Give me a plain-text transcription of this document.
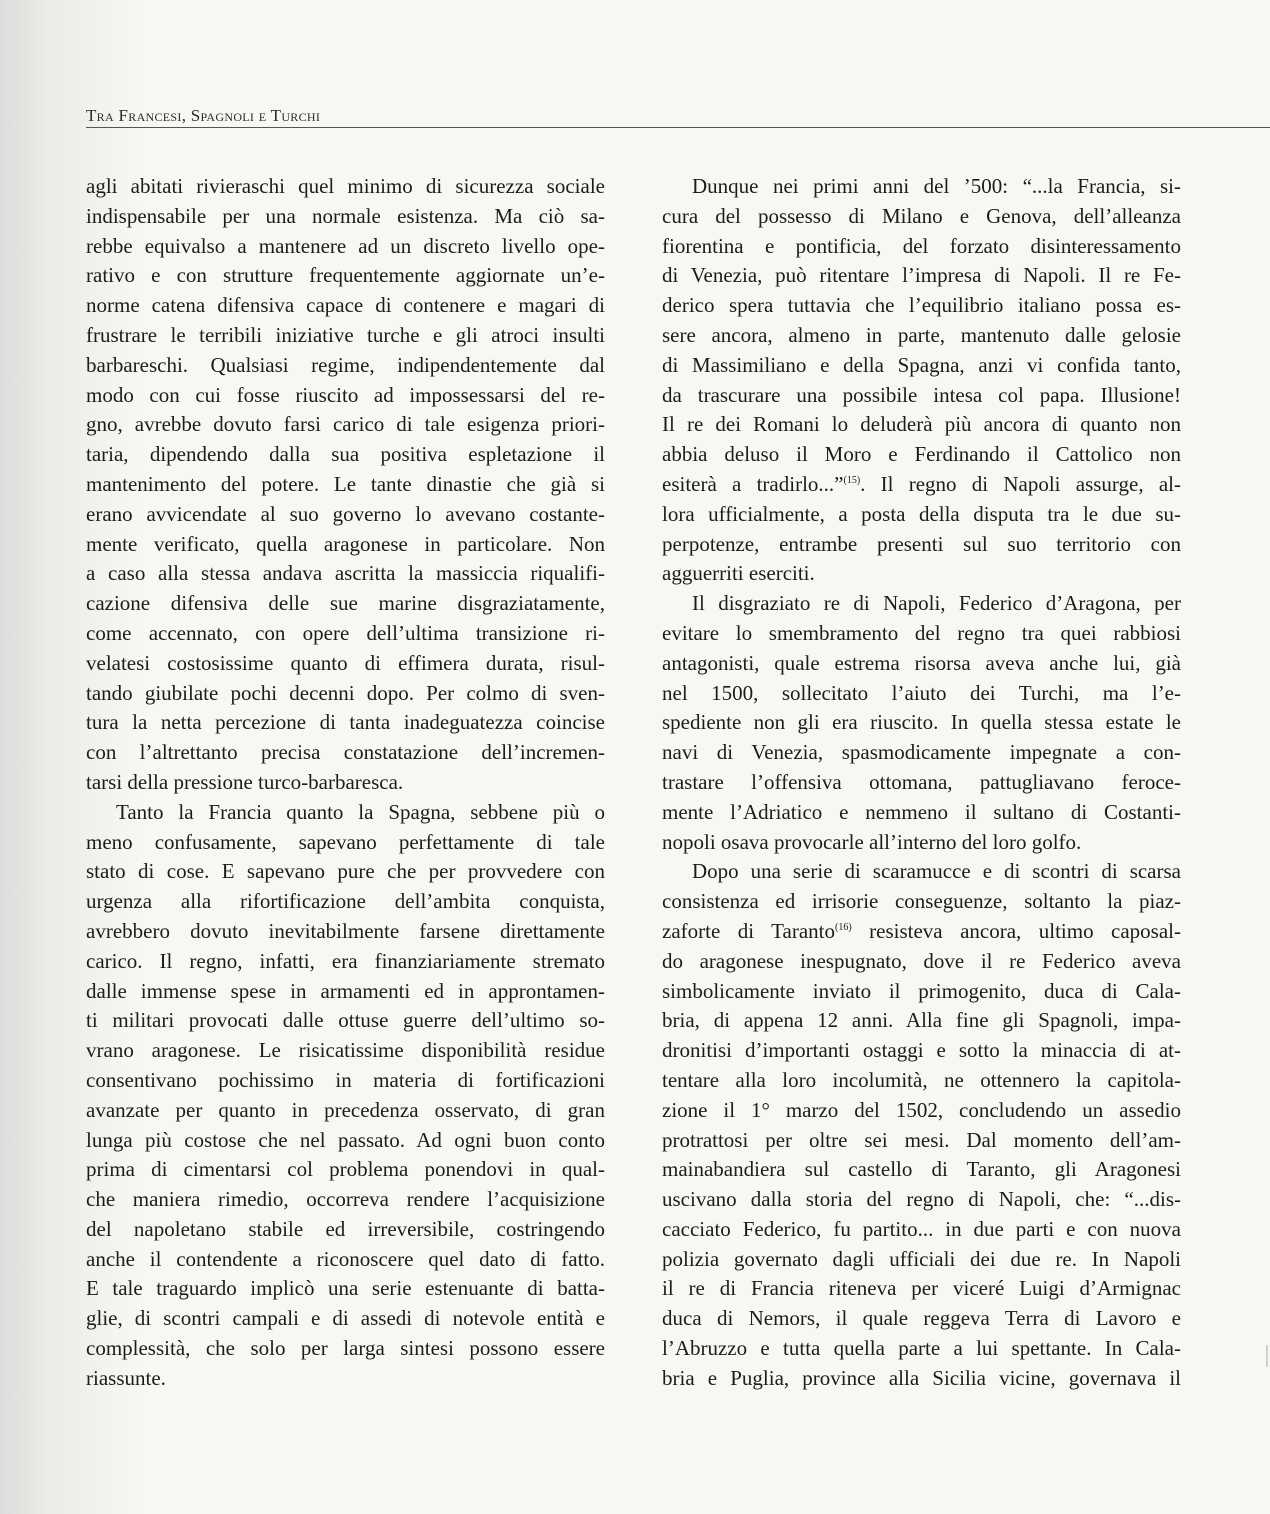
Tra Francesi, Spagnoli e Turchi

agli abitati rivieraschi quel minimo di sicurezza sociale
indispensabile per una normale esistenza. Ma ciò sa-
rebbe equivalso a mantenere ad un discreto livello ope-
rativo e con strutture frequentemente aggiornate un’e-
norme catena difensiva capace di contenere e magari di
frustrare le terribili iniziative turche e gli atroci insulti
barbareschi. Qualsiasi regime, indipendentemente dal
modo con cui fosse riuscito ad impossessarsi del re-
gno, avrebbe dovuto farsi carico di tale esigenza priori-
taria, dipendendo dalla sua positiva espletazione il
mantenimento del potere. Le tante dinastie che già si
erano avvicendate al suo governo lo avevano costante-
mente verificato, quella aragonese in particolare. Non
a caso alla stessa andava ascritta la massiccia riqualifi-
cazione difensiva delle sue marine disgraziatamente,
come accennato, con opere dell’ultima transizione ri-
velatesi costosissime quanto di effimera durata, risul-
tando giubilate pochi decenni dopo. Per colmo di sven-
tura la netta percezione di tanta inadeguatezza coincise
con l’altrettanto precisa constatazione dell’incremen-
tarsi della pressione turco-barbaresca.

Tanto la Francia quanto la Spagna, sebbene più o
meno confusamente, sapevano perfettamente di tale
stato di cose. E sapevano pure che per provvedere con
urgenza alla rifortificazione dell’ambita conquista,
avrebbero dovuto inevitabilmente farsene direttamente
carico. Il regno, infatti, era finanziariamente stremato
dalle immense spese in armamenti ed in approntamen-
ti militari provocati dalle ottuse guerre dell’ultimo so-
vrano aragonese. Le risicatissime disponibilità residue
consentivano pochissimo in materia di fortificazioni
avanzate per quanto in precedenza osservato, di gran
lunga più costose che nel passato. Ad ogni buon conto
prima di cimentarsi col problema ponendovi in qual-
che maniera rimedio, occorreva rendere l’acquisizione
del napoletano stabile ed irreversibile, costringendo
anche il contendente a riconoscere quel dato di fatto.
E tale traguardo implicò una serie estenuante di batta-
glie, di scontri campali e di assedi di notevole entità e
complessità, che solo per larga sintesi possono essere
riassunte.

Dunque nei primi anni del ’500: “...la Francia, si-
cura del possesso di Milano e Genova, dell’alleanza
fiorentina e pontificia, del forzato disinteressamento
di Venezia, può ritentare l’impresa di Napoli. Il re Fe-
derico spera tuttavia che l’equilibrio italiano possa es-
sere ancora, almeno in parte, mantenuto dalle gelosie
di Massimiliano e della Spagna, anzi vi confida tanto,
da trascurare una possibile intesa col papa. Illusione!
Il re dei Romani lo deluderà più ancora di quanto non
abbia deluso il Moro e Ferdinando il Cattolico non
esiterà a tradirlo...”$^{(15)}$. Il regno di Napoli assurge, al-
lora ufficialmente, a posta della disputa tra le due su-
perpotenze, entrambe presenti sul suo territorio con
agguerriti eserciti.

Il disgraziato re di Napoli, Federico d’Aragona, per
evitare lo smembramento del regno tra quei rabbiosi
antagonisti, quale estrema risorsa aveva anche lui, già
nel 1500, sollecitato l’aiuto dei Turchi, ma l’e-
spediente non gli era riuscito. In quella stessa estate le
navi di Venezia, spasmodicamente impegnate a con-
trastare l’offensiva ottomana, pattugliavano feroce-
mente l’Adriatico e nemmeno il sultano di Costanti-
nopoli osava provocarle all’interno del loro golfo.

Dopo una serie di scaramucce e di scontri di scarsa
consistenza ed irrisorie conseguenze, soltanto la piaz-
zaforte di Taranto$^{(16)}$ resisteva ancora, ultimo caposal-
do aragonese inespugnato, dove il re Federico aveva
simbolicamente inviato il primogenito, duca di Cala-
bria, di appena 12 anni. Alla fine gli Spagnoli, impa-
dronitisi d’importanti ostaggi e sotto la minaccia di at-
tentare alla loro incolumità, ne ottennero la capitola-
zione il 1° marzo del 1502, concludendo un assedio
protrattosi per oltre sei mesi. Dal momento dell’am-
mainabandiera sul castello di Taranto, gli Aragonesi
uscivano dalla storia del regno di Napoli, che: “...dis-
cacciato Federico, fu partito... in due parti e con nuova
polizia governato dagli ufficiali dei due re. In Napoli
il re di Francia riteneva per viceré Luigi d’Armignac
duca di Nemors, il quale reggeva Terra di Lavoro e
l’Abruzzo e tutta quella parte a lui spettante. In Cala-
bria e Puglia, province alla Sicilia vicine, governava il
